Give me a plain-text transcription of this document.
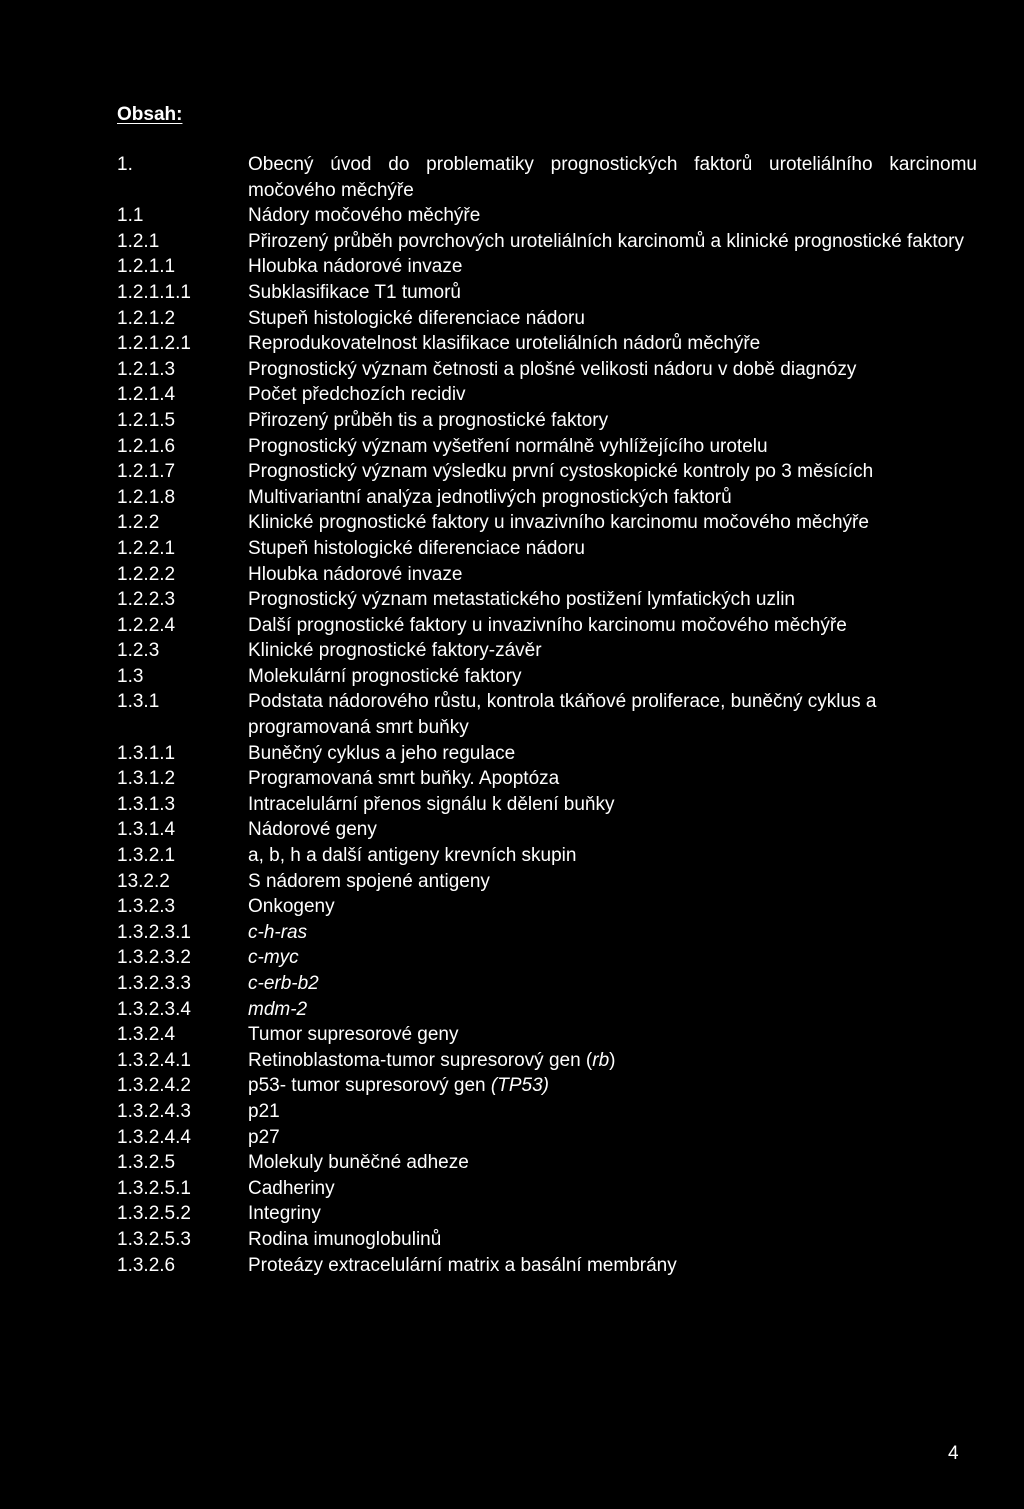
Obsah:
1.	Obecný úvod do problematiky prognostických faktorů uroteliálního karcinomu močového měchýře
1.1	Nádory močového měchýře
1.2.1	Přirozený průběh povrchových uroteliálních karcinomů a klinické prognostické faktory
1.2.1.1	Hloubka nádorové invaze
1.2.1.1.1	Subklasifikace T1 tumorů
1.2.1.2	Stupeň histologické diferenciace nádoru
1.2.1.2.1	Reprodukovatelnost klasifikace uroteliálních nádorů měchýře
1.2.1.3	Prognostický význam četnosti a plošné velikosti nádoru v době diagnózy
1.2.1.4	Počet předchozích recidiv
1.2.1.5	Přirozený průběh tis a prognostické faktory
1.2.1.6	Prognostický význam vyšetření normálně vyhlížejícího urotelu
1.2.1.7	Prognostický význam výsledku první cystoskopické kontroly po 3 měsících
1.2.1.8	Multivariantní analýza jednotlivých prognostických faktorů
1.2.2	Klinické prognostické faktory u invazivního karcinomu močového měchýře
1.2.2.1	Stupeň histologické diferenciace nádoru
1.2.2.2	Hloubka nádorové invaze
1.2.2.3	Prognostický význam metastatického postižení lymfatických uzlin
1.2.2.4	Další prognostické faktory u invazivního karcinomu močového měchýře
1.2.3	Klinické prognostické faktory-závěr
1.3	Molekulární prognostické faktory
1.3.1	Podstata nádorového růstu, kontrola tkáňové proliferace, buněčný cyklus a programovaná smrt buňky
1.3.1.1	Buněčný cyklus a jeho regulace
1.3.1.2	Programovaná smrt buňky. Apoptóza
1.3.1.3	Intracelulární přenos signálu k dělení buňky
1.3.1.4	Nádorové geny
1.3.2.1	a, b, h a další antigeny krevních skupin
13.2.2	S nádorem spojené antigeny
1.3.2.3	Onkogeny
1.3.2.3.1	c-h-ras
1.3.2.3.2	c-myc
1.3.2.3.3	c-erb-b2
1.3.2.3.4	mdm-2
1.3.2.4	Tumor supresorové geny
1.3.2.4.1	Retinoblastoma-tumor supresorový gen (rb)
1.3.2.4.2	p53- tumor supresorový gen (TP53)
1.3.2.4.3	p21
1.3.2.4.4	p27
1.3.2.5	Molekuly buněčné adheze
1.3.2.5.1	Cadheriny
1.3.2.5.2	Integriny
1.3.2.5.3	Rodina imunoglobulinů
1.3.2.6	Proteázy extracelulární matrix a basální membrány
4
